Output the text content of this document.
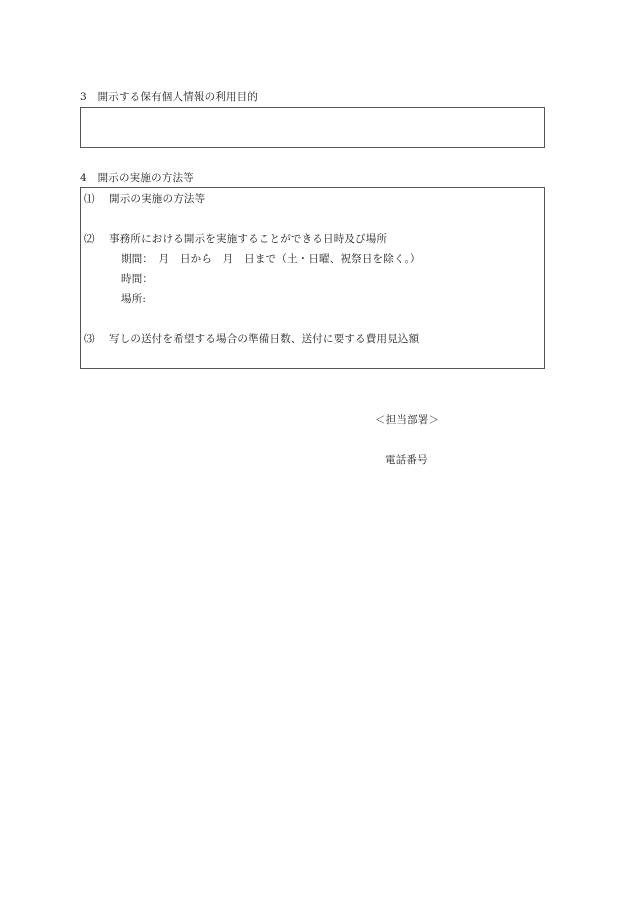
3　開示する保有個人情報の利用目的
4　開示の実施の方法等
⑴ 開示の実施の方法等
⑵ 事務所における開示を実施することができる日時及び場所
期間：　月　日から　月　日まで（土・日曜、祝祭日を除く。）
時間：
場所:
⑶ 写しの送付を希望する場合の準備日数、送付に要する費用見込額
＜担当部署＞
電話番号
